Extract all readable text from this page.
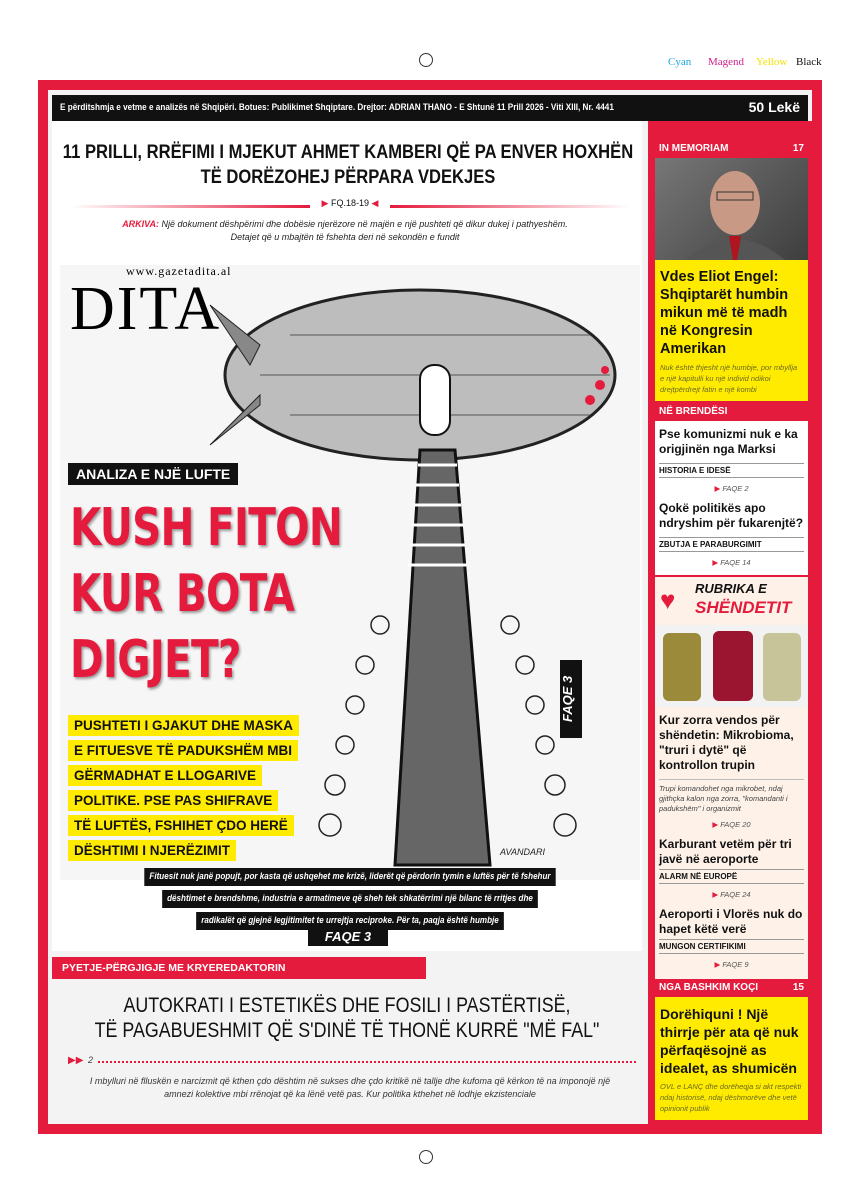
Cyan Magend Yellow Black
E përditshmja e vetme e analizës në Shqipëri. Botues: Publikimet Shqiptare. Drejtor: ADRIAN THANO - E Shtunë 11 Prill 2026 - Viti XIII, Nr. 4441	50 Lekë
11 PRILLI, RRËFIMI I MJEKUT AHMET KAMBERI QË PA ENVER HOXHËN TË DORËZOHEJ PËRPARA VDEKJES
▶ FQ.18-19 ◀
ARKIVA: Një dokument dëshpërimi dhe dobësie njerëzore në majën e një pushteti që dikur dukej i pathyeshëm. Detajet që u mbajtën të fshehta deri në sekondën e fundit
AVANDARI
www.gazetadita.al
DITA
ANALIZA E NJË LUFTE
KUSH FITON
KUR BOTA
DIGJET?
PUSHTETI I GJAKUT DHE MASKA
E FITUESVE TË PADUKSHËM MBI
GËRMADHAT E LLOGARIVE
POLITIKE. PSE PAS SHIFRAVE
TË LUFTËS, FSHIHET ÇDO HERË
DËSHTIMI I NJERËZIMIT
FAQE 3
Fituesit nuk janë popujt, por kasta që ushqehet me krizë, liderët që përdorin tymin e luftës për të fshehur
dështimet e brendshme, industria e armatimeve që sheh tek shkatërrimi një bilanc të rritjes dhe
radikalët që gjejnë legjitimitet te urrejtja reciproke. Për ta, paqja është humbje
FAQE 3
PYETJE-PËRGJIGJE ME KRYEREDAKTORIN
AUTOKRATI I ESTETIKËS DHE FOSILI I PASTËRTISË,
TË PAGABUESHMIT QË S'DINË TË THONË KURRË "MË FAL"
▶▶ 2
I mbylluri në flluskën e narcizmit që kthen çdo dështim në sukses dhe çdo kritikë në tallje dhe kufoma që kërkon të na imponojë një amnezi kolektive mbi rrënojat që ka lënë vetë pas. Kur politika kthehet në lodhje ekzistenciale
IN MEMORIAM	17
Vdes Eliot Engel: Shqiptarët humbin mikun më të madh në Kongresin Amerikan
Nuk është thjesht një humbje, por mbyllja e një kapitulli ku një individ ndikoi drejtpërdrejt fatin e një kombi
NË BRENDËSI
Pse komunizmi nuk e ka origjinën nga Marksi
HISTORIA E IDESË
▶ FAQE 2
Qokë politikës apo ndryshim për fukarenjtë?
ZBUTJA E PARABURGIMIT
▶ FAQE 14
♥ RUBRIKA E
SHËNDETIT
Kur zorra vendos për shëndetin: Mikrobioma, "truri i dytë" që kontrollon trupin
Trupi komandohet nga mikrobet, ndaj gjithçka kalon nga zorra, "komandanti i padukshëm" i organizmit
▶ FAQE 20
Karburant vetëm për tri javë në aeroporte
ALARM NË EUROPË
▶ FAQE 24
Aeroporti i Vlorës nuk do hapet këtë verë
MUNGON CERTIFIKIMI
▶ FAQE 9
NGA BASHKIM KOÇI	15
Dorëhiquni ! Një thirrje për ata që nuk përfaqësojnë as idealet, as shumicën
OVL e LANÇ dhe dorëheqja si akt respekti ndaj historisë, ndaj dëshmorëve dhe vetë opinionit publik
